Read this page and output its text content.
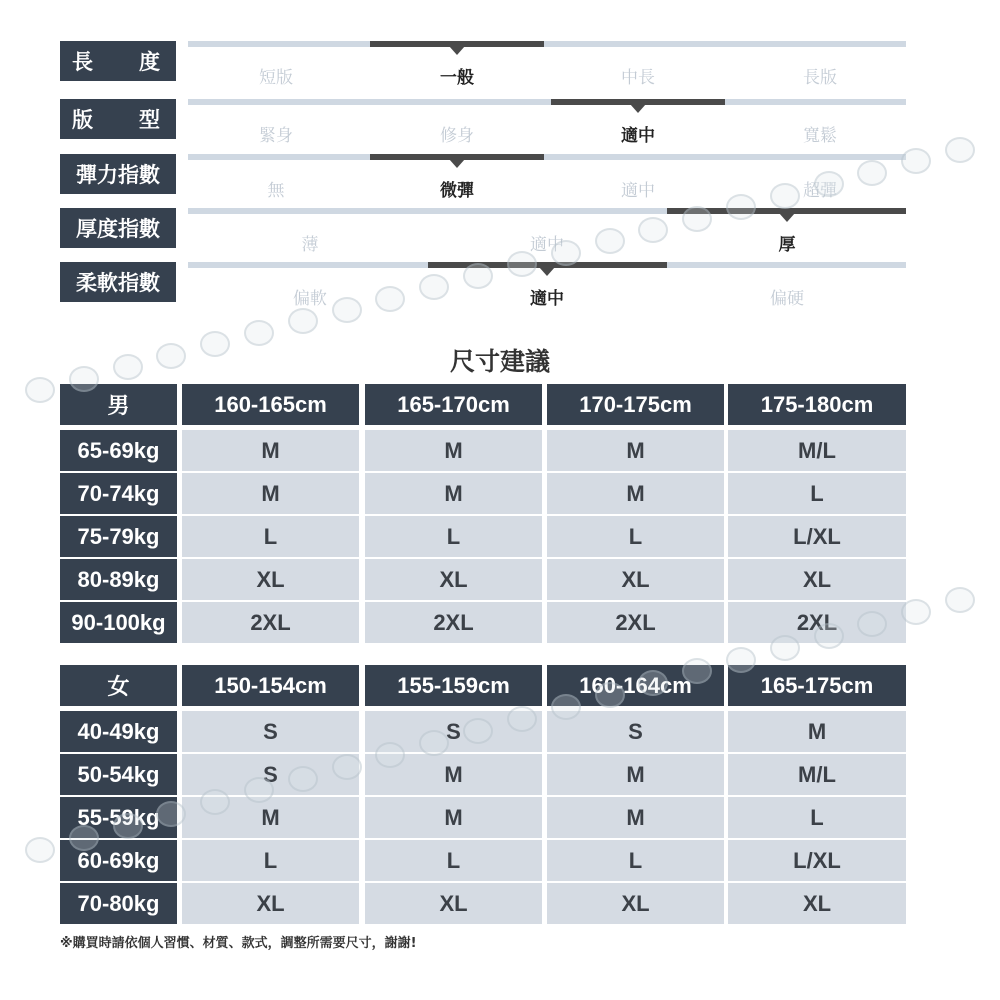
長 度
短版	一般	中長	長版
版 型
緊身	修身	適中	寬鬆
彈力指數
無	微彈	適中	超彈
厚度指數
薄	適中	厚
柔軟指數
偏軟	適中	偏硬
尺寸建議
男	160-165cm	165-170cm	170-175cm	175-180cm
65-69kg	M	M	M	M/L
70-74kg	M	M	M	L
75-79kg	L	L	L	L/XL
80-89kg	XL	XL	XL	XL
90-100kg	2XL	2XL	2XL	2XL
女	150-154cm	155-159cm	160-164cm	165-175cm
40-49kg	S	S	S	M
50-54kg	S	M	M	M/L
55-59kg	M	M	M	L
60-69kg	L	L	L	L/XL
70-80kg	XL	XL	XL	XL
※購買時請依個人習慣、材質、款式，調整所需要尺寸，謝謝!
